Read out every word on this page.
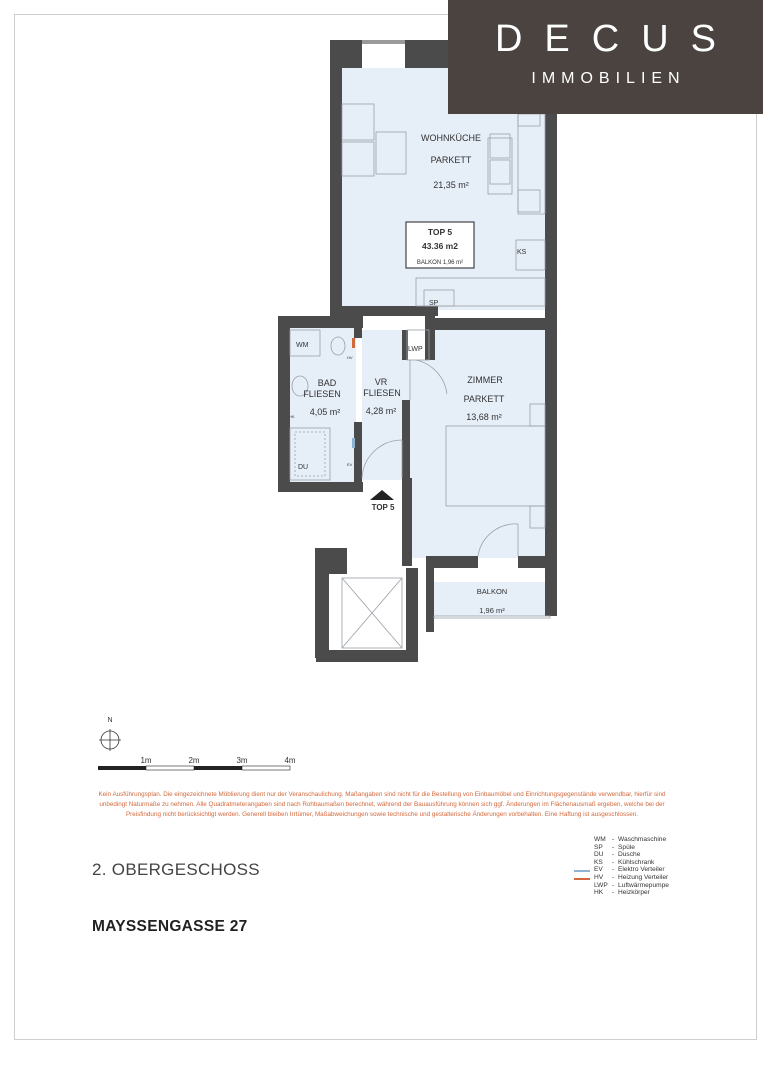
WOHNKÜCHE
PARKETT
21,35 m²
TOP 5
43.36 m2
BALKON 1,96 m²
BAD
FLIESEN
4,05 m²
VR
FLIESEN
4,28 m²
ZIMMER
PARKETT
13,68 m²
BALKON
1,96 m²
WM
SP
KS
LWP
DU
HV
HK
EV
TOP 5
N
1m	2m	3m	4m
DECUS
IMMOBILIEN
Kein Ausführungsplan. Die eingezeichnete Möblierung dient nur der Veranschaulichung. Maßangaben sind nicht für die Bestellung von Einbaumöbel und Einrichtungsgegenstände verwendbar, hierfür sind unbedingt Naturmaße zu nehmen. Alle Quadratmeterangaben sind nach Rohbaumaßen berechnet, während der Bauausführung können sich ggf. Änderungen im Flächenausmaß ergeben, welche bei der Preisfindung nicht berücksichtigt werden. Generell bleiben Irrtümer, Maßabweichungen sowie technische und gestalterische Änderungen vorbehalten. Eine Haftung ist ausgeschlossen.
2. OBERGESCHOSS
MAYSSENGASSE 27
WM - Waschmaschine
SP	- Spüle
DU	- Dusche
KS	- Kühlschrank
EV	- Elektro Verteiler
HV	- Heizung Verteiler
LWP - Luftwärmepumpe
HK	- Heizkörper
